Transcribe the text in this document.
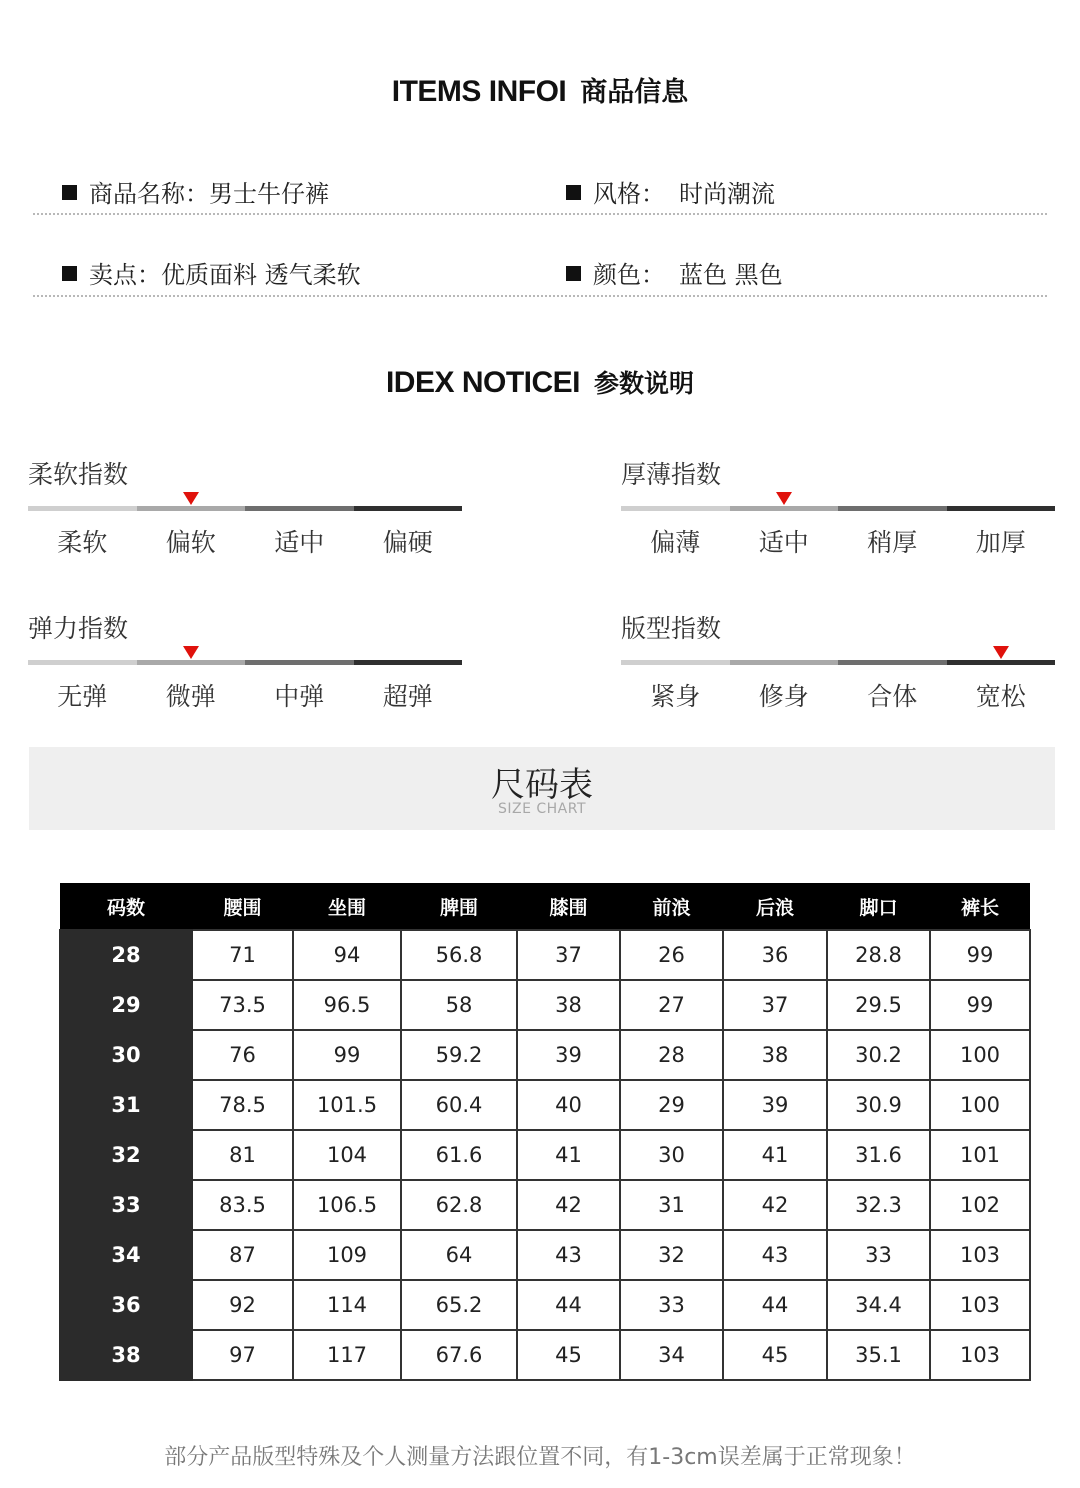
ITEMS INFOI 商品信息
商品名称：男士牛仔裤	风格： 时尚潮流
卖点：优质面料 透气柔软	颜色： 蓝色 黑色
IDEX NOTICEI 参数说明
柔软指数
柔软	偏软	适中	偏硬
厚薄指数
偏薄	适中	稍厚	加厚
弹力指数
无弹	微弹	中弹	超弹
版型指数
紧身	修身	合体	宽松
尺码表
SIZE CHART
码数	腰围	坐围	脾围	膝围	前浪	后浪	脚口	裤长
28	71	94	56.8	37	26	36	28.8	99
29	73.5	96.5	58	38	27	37	29.5	99
30	76	99	59.2	39	28	38	30.2	100
31	78.5	101.5	60.4	40	29	39	30.9	100
32	81	104	61.6	41	30	41	31.6	101
33	83.5	106.5	62.8	42	31	42	32.3	102
34	87	109	64	43	32	43	33	103
36	92	114	65.2	44	33	44	34.4	103
38	97	117	67.6	45	34	45	35.1	103
部分产品版型特殊及个人测量方法跟位置不同，有1-3cm误差属于正常现象！
